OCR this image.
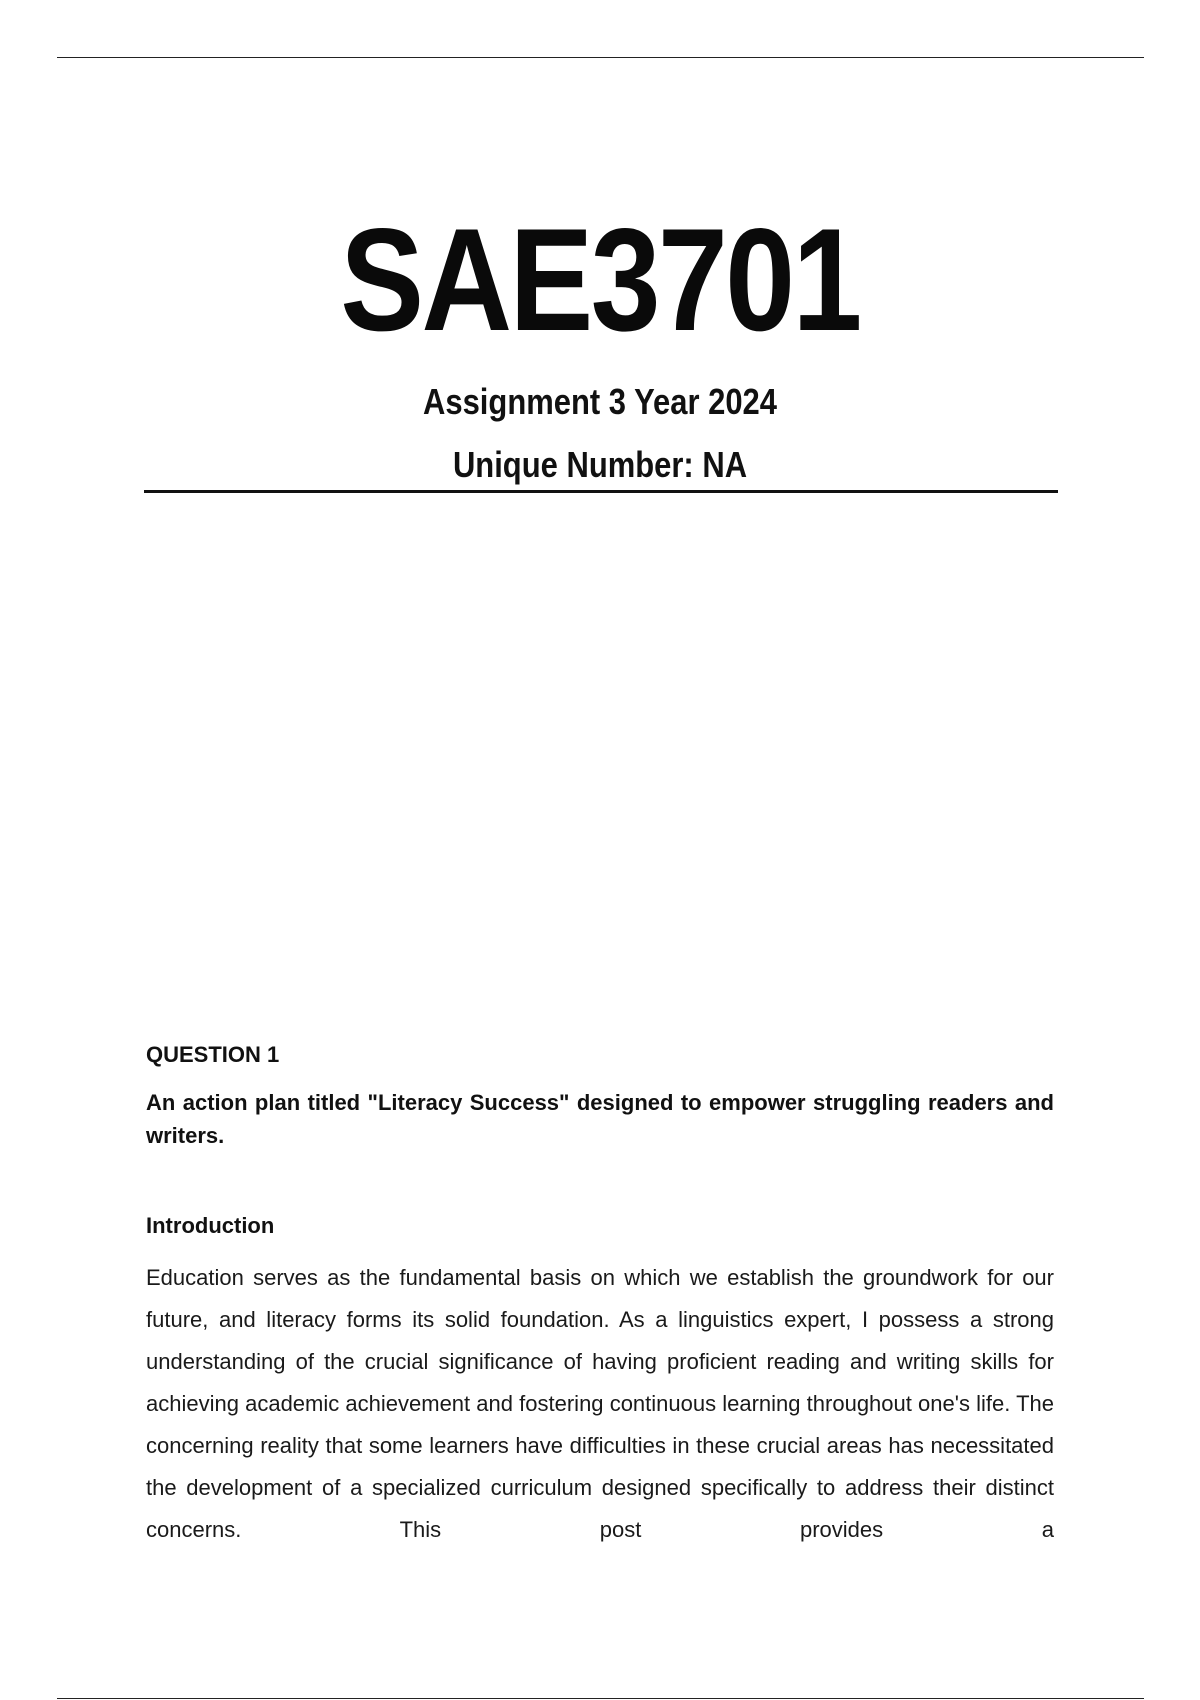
SAE3701
Assignment 3 Year 2024
Unique Number: NA
QUESTION 1
An action plan titled "Literacy Success" designed to empower struggling readers and writers.
Introduction

Education serves as the fundamental basis on which we establish the groundwork for our future, and literacy forms its solid foundation. As a linguistics expert, I possess a strong understanding of the crucial significance of having proficient reading and writing skills for achieving academic achievement and fostering continuous learning throughout one's life. The concerning reality that some learners have difficulties in these crucial areas has necessitated the development of a specialized curriculum designed specifically to address their distinct concerns. This post provides a
